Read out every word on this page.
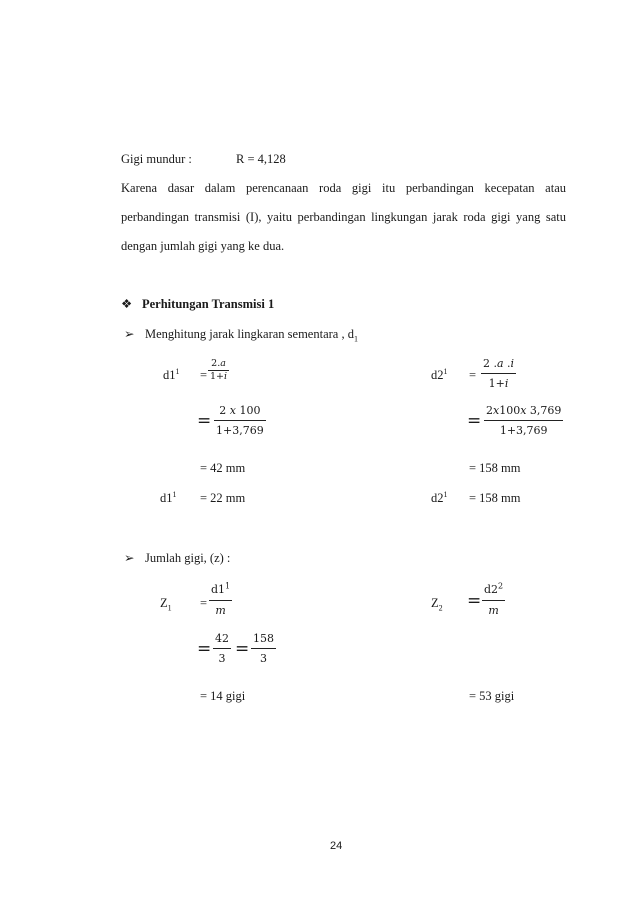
Gigi mundur :	R = 4,128
Karena dasar dalam perencanaan roda gigi itu perbandingan kecepatan atau
perbandingan transmisi (I), yaitu perbandingan lingkungan jarak roda gigi yang satu
dengan jumlah gigi yang ke dua.
❖ Perhitungan Transmisi 1
➢ Menghitung jarak lingkaran sementara , $d_1$
$d1^1$ =
2.𝑎
1+𝑖
=
2 𝑥 100
1+3,769
= 42 mm
$d1^1 = 22$ mm
$d2^1$ =
2 .𝑎 .𝑖
1+𝑖
=
2𝑥100𝑥 3,769
1+3,769
= 158 mm
$d2^1 = 158$ mm
➢ Jumlah gigi, (z) :
$Z_1$ =
$d1^1$
𝑚
=
42
3 =
158
3
= 14 gigi
$Z_2$ =
$d2^2$
𝑚
= 53 gigi
24
